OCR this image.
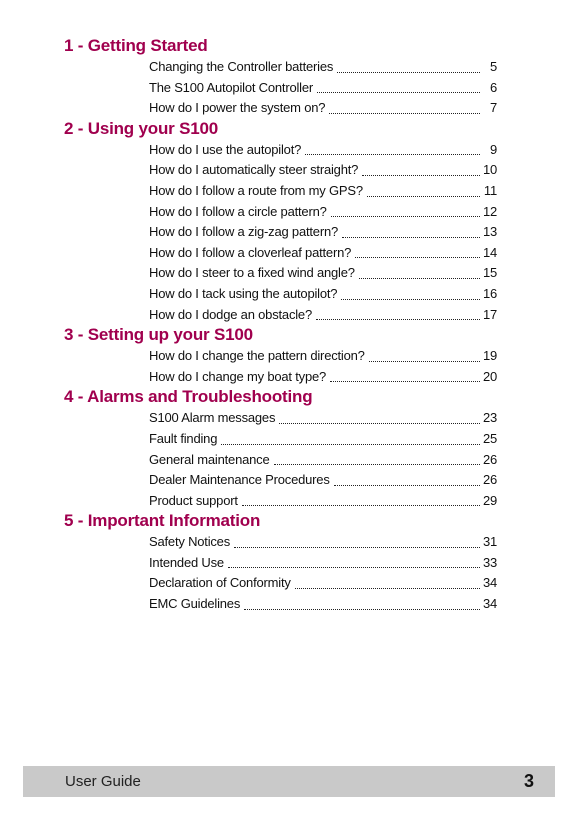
1 - Getting Started
Changing the Controller batteries	5
The S100 Autopilot Controller	6
How do I power the system on?	7
2 - Using your S100
How do I use the autopilot?	9
How do I automatically steer straight?	10
How do I follow a route from my GPS?	11
How do I follow a circle pattern?	12
How do I follow a zig-zag pattern?	13
How do I follow a cloverleaf pattern?	14
How do I steer to a fixed wind angle?	15
How do I tack using the autopilot?	16
How do I dodge an obstacle?	17
3 - Setting up your S100
How do I change the pattern direction?	19
How do I change my boat type?	20
4 - Alarms and Troubleshooting
S100 Alarm messages	23
Fault finding	25
General maintenance	26
Dealer Maintenance Procedures	26
Product support	29
5 - Important Information
Safety Notices	31
Intended Use	33
Declaration of Conformity	34
EMC Guidelines	34
User Guide	3
